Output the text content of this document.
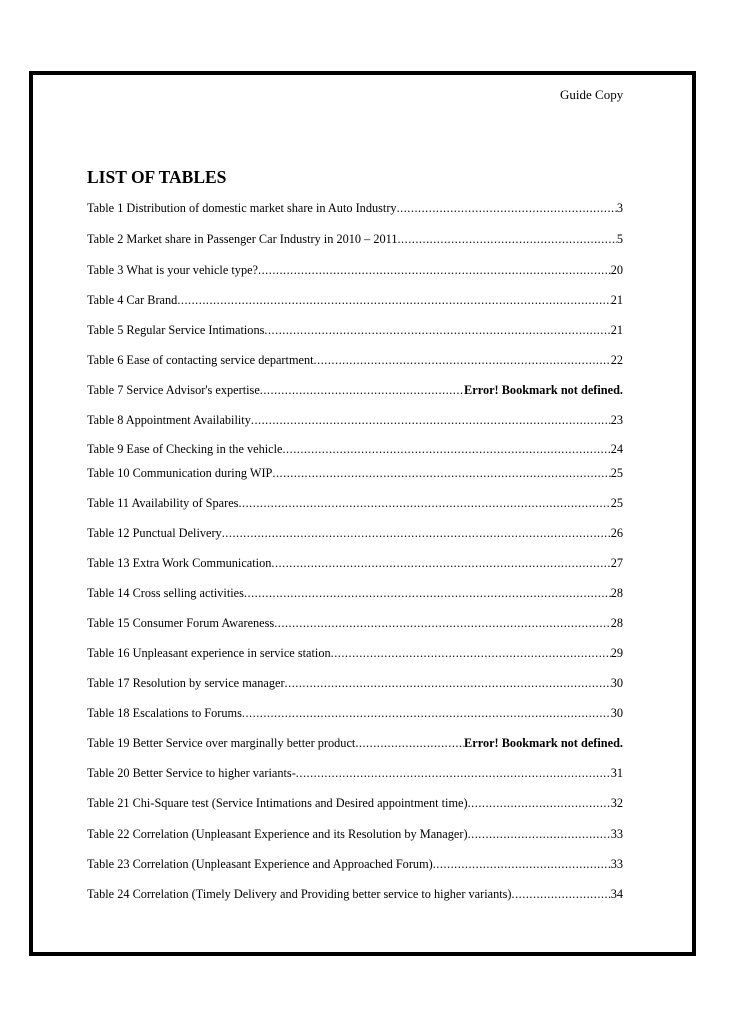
Guide Copy
LIST OF TABLES
Table 1 Distribution of domestic market share in Auto Industry .....	3
Table 2 Market share in Passenger Car Industry in 2010 – 2011 .....	5
Table 3 What is your vehicle type? .....	20
Table 4 Car Brand .....	21
Table 5 Regular Service Intimations .....	21
Table 6 Ease of contacting service department .....	22
Table 7 Service Advisor's expertise .....	Error! Bookmark not defined.
Table 8 Appointment Availability .....	23
Table 9 Ease of Checking in the vehicle .....	24
Table 10 Communication during WIP .....	25
Table 11 Availability of Spares .....	25
Table 12 Punctual Delivery .....	26
Table 13 Extra Work Communication .....	27
Table 14 Cross selling activities .....	28
Table 15 Consumer Forum Awareness .....	28
Table 16 Unpleasant experience in service station .....	29
Table 17 Resolution by service manager .....	30
Table 18 Escalations to Forums .....	30
Table 19 Better Service over marginally better product .....	Error! Bookmark not defined.
Table 20 Better Service to higher variants- .....	31
Table 21 Chi-Square test (Service Intimations and Desired appointment time) .....	32
Table 22 Correlation (Unpleasant Experience and its Resolution by Manager) .....	33
Table 23 Correlation (Unpleasant Experience and Approached Forum) .....	33
Table 24 Correlation (Timely Delivery and Providing better service to higher variants) .....	34
